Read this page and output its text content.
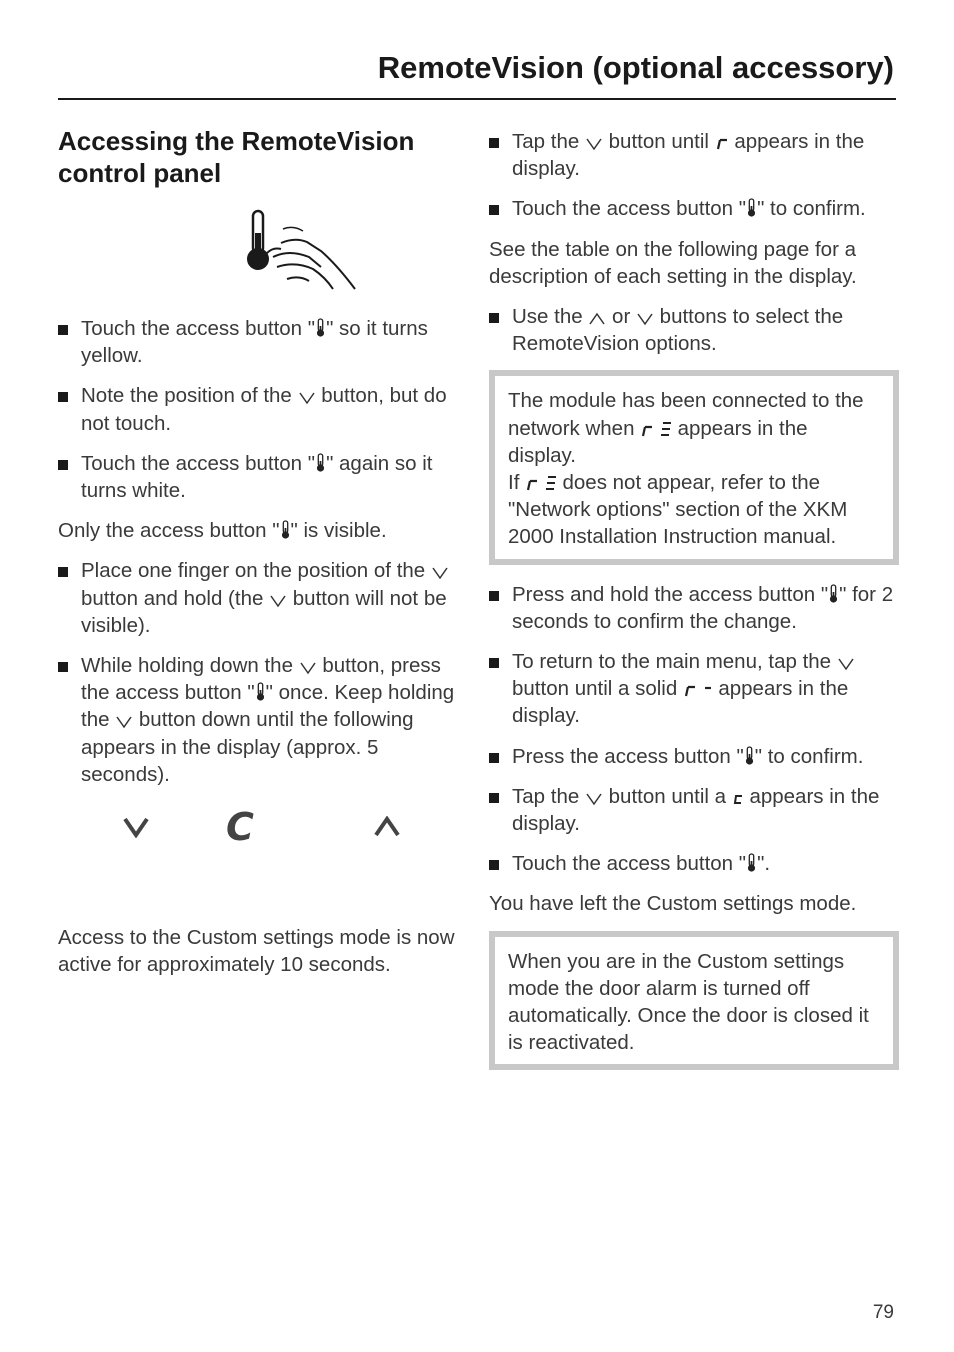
RemoteVision (optional accessory)
Accessing the RemoteVision control panel
Touch the access button " " so it turns yellow.
Note the position of the  button, but do not touch.
Touch the access button " " again so it turns white.

Only the access button " " is visible.

Place one finger on the position of the  button and hold (the  button will not be visible).
While holding down the  button, press the access button " " once. Keep holding the  button down until the following appears in the display (approx. 5 seconds).
C

Access to the Custom settings mode is now active for approximately 10 seconds.

Tap the  button until  appears in the display.
Touch the access button " " to confirm.

See the table on the following page for a description of each setting in the display.

Use the  or  buttons to select the RemoteVision options.
The module has been connected to the network when   appears in the display.
If   does not appear, refer to the "Network options" section of the XKM 2000 Installation Instruction manual.
Press and hold the access button " " for 2 seconds to confirm the change.
To return to the main menu, tap the  button until a solid   appears in the display.
Press the access button " " to confirm.
Tap the  button until a  appears in the display.
Touch the access button " ".

You have left the Custom settings mode.

When you are in the Custom settings mode the door alarm is turned off automatically. Once the door is closed it is reactivated.
79
